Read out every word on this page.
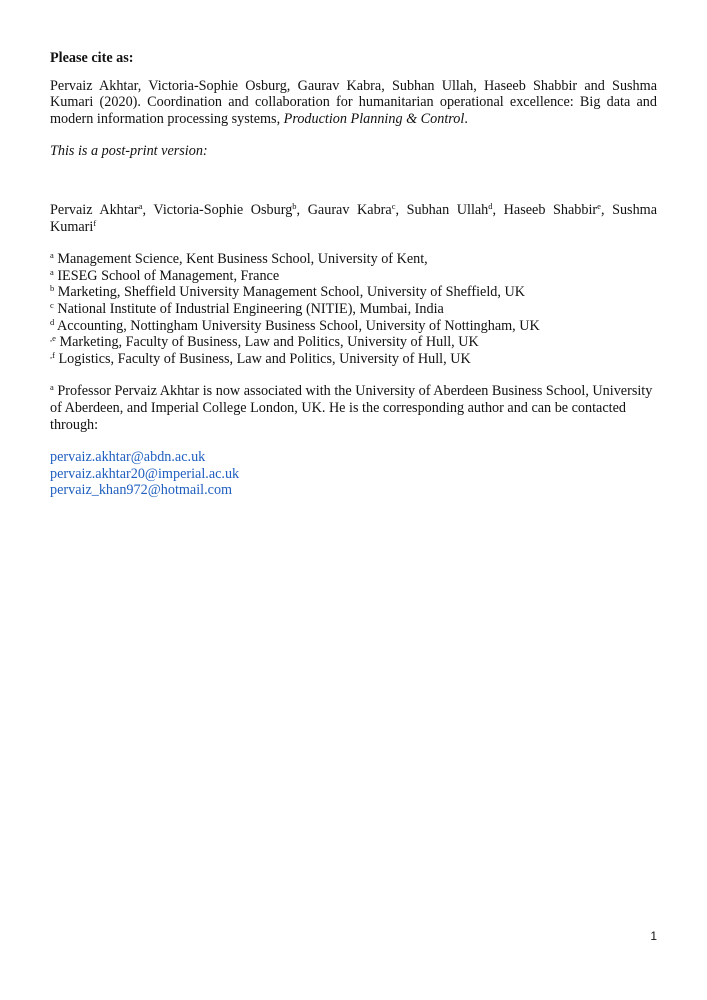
Please cite as:

Pervaiz Akhtar, Victoria-Sophie Osburg, Gaurav Kabra, Subhan Ullah, Haseeb Shabbir and Sushma Kumari (2020). Coordination and collaboration for humanitarian operational excellence: Big data and modern information processing systems, Production Planning & Control.

This is a post-print version:

Pervaiz Akhtar$^a$, Victoria-Sophie Osburg$^b$, Gaurav Kabra$^c$, Subhan Ullah$^d$, Haseeb Shabbir$^e$, Sushma Kumari$^f$

$^a$ Management Science, Kent Business School, University of Kent,
$^a$ IESEG School of Management, France
$^b$ Marketing, Sheffield University Management School, University of Sheffield, UK
$^c$ National Institute of Industrial Engineering (NITIE), Mumbai, India
$^d$ Accounting, Nottingham University Business School, University of Nottingham, UK
$^{,e}$ Marketing, Faculty of Business, Law and Politics, University of Hull, UK
$^{,f}$ Logistics, Faculty of Business, Law and Politics, University of Hull, UK

$^a$ Professor Pervaiz Akhtar is now associated with the University of Aberdeen Business School, University of Aberdeen, and Imperial College London, UK. He is the corresponding author and can be contacted through:

pervaiz.akhtar@abdn.ac.uk
pervaiz.akhtar20@imperial.ac.uk
pervaiz_khan972@hotmail.com
1
